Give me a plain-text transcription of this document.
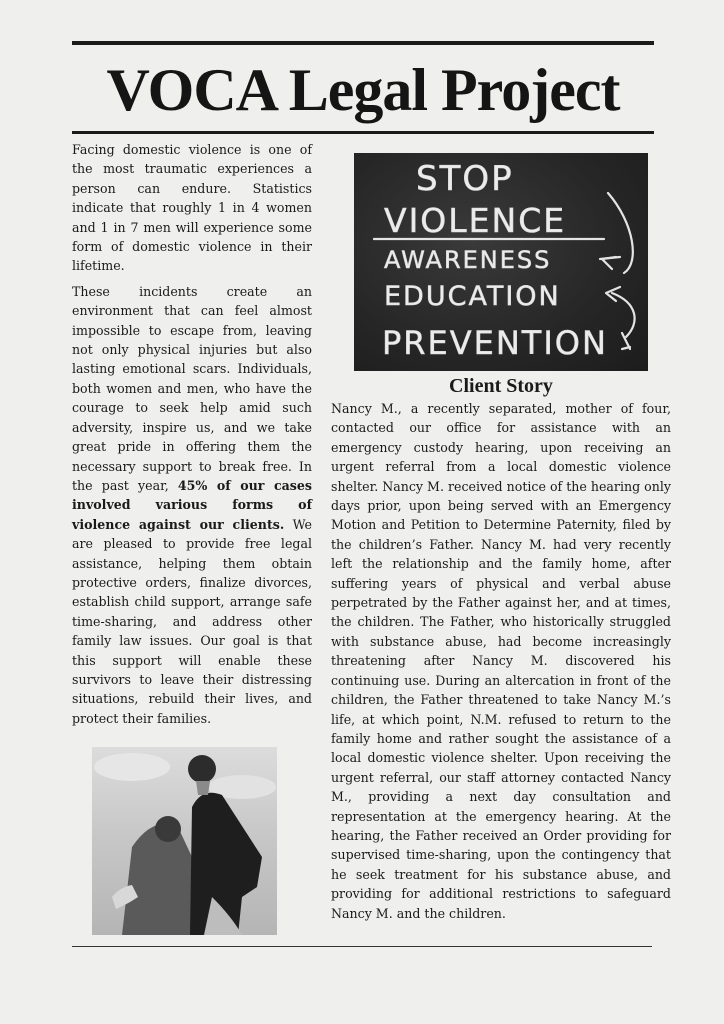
VOCA Legal Project

Facing domestic violence is one of the most traumatic experiences a person can endure. Statistics indicate that roughly 1 in 4 women and 1 in 7 men will experience some form of domestic violence in their lifetime.

These incidents create an environment that can feel almost impossible to escape from, leaving not only physical injuries but also lasting emotional scars. Individuals, both women and men, who have the courage to seek help amid such adversity, inspire us, and we take great pride in offering them the necessary support to break free. In the past year, 45% of our cases involved various forms of violence against our clients. We are pleased to provide free legal assistance, helping them obtain protective orders, finalize divorces, establish child support, arrange safe time-sharing, and address other family law issues. Our goal is that this support will enable these survivors to leave their distressing situations, rebuild their lives, and protect their families.

STOP
VIOLENCE
AWARENESS
EDUCATION
PREVENTION
Client Story

Nancy M., a recently separated, mother of four, contacted our office for assistance with an emergency custody hearing, upon receiving an urgent referral from a local domestic violence shelter. Nancy M. received notice of the hearing only days prior, upon being served with an Emergency Motion and Petition to Determine Paternity, filed by the children’s Father. Nancy M. had very recently left the relationship and the family home, after suffering years of physical and verbal abuse perpetrated by the Father against her, and at times, the children. The Father, who historically struggled with substance abuse, had become increasingly threatening after Nancy M. discovered his continuing use. During an altercation in front of the children, the Father threatened to take Nancy M.’s life, at which point, N.M. refused to return to the family home and rather sought the assistance of a local domestic violence shelter. Upon receiving the urgent referral, our staff attorney contacted Nancy M., providing a next day consultation and representation at the emergency hearing. At the hearing, the Father received an Order providing for supervised time-sharing, upon the contingency that he seek treatment for his substance abuse, and providing for additional restrictions to safeguard Nancy M. and the children.
